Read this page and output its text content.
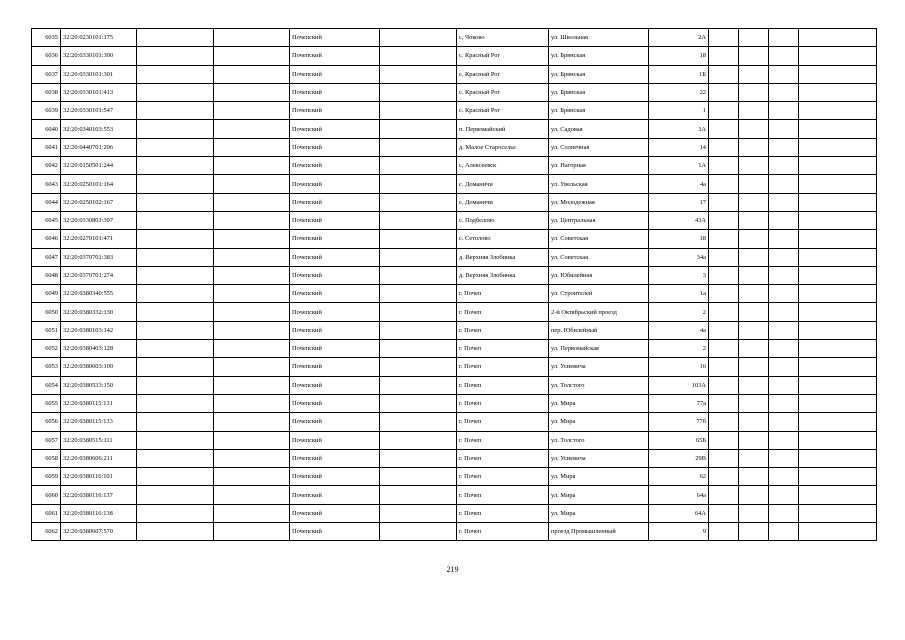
6035	32:20:0230101:175			Почепский		с. Чоково	ул. Школьная	2А				
6036	32:20:0330101:300			Почепский		с. Красный Рог	ул. Брянская	18				
6037	32:20:0330101:301			Почепский		с. Красный Рог	ул. Брянская	1Б				
6038	32:20:0330101:413			Почепский		с. Красный Рог	ул. Брянская	22				
6039	32:20:0330101:547			Почепский		с. Красный Рог	ул. Брянская	1				
6040	32:20:0340103:553			Почепский		п. Первомайский	ул. Садовая	3А				
6041	32:20:0440701:206			Почепский		д. Малое Старосельє	ул. Солнечная	14				
6042	32:20:0150501:244			Почепский		с. Алексеевск	ул. Нагорная	1А				
6043	32:20:0250101:164			Почепский		с. Доманичи	ул. Увельская	4а				
6044	32:20:0250102:167			Почепский		с. Доманичи	ул. Молодежная	17				
6045	32:20:0330801:397			Почепский		с. Подбелово	ул. Центральная	43А				
6046	32:20:0270101:471			Почепский		с. Сетолово	ул. Советская	18				
6047	32:20:0370701:383			Почепский		д. Верхняя Злобинка	ул. Советская	34а				
6048	32:20:0370701:274			Почепский		д. Верхняя Злобинка	ул. Юбилейная	3				
6049	32:20:0380340:555			Почепский		г. Почеп	ул. Строителей	1а				
6050	32:20:0380332:130			Почепский		г. Почеп	2-й Октябрьский проезд	2				
6051	32:20:0380103:142			Почепский		г. Почеп	пер. Юбилейный	4а				
6052	32:20:0380403:128			Почепский		г. Почеп	ул. Первомайская	2				
6053	32:20:0380603:100			Почепский		г. Почеп	ул. Усиевича	16				
6054	32:20:0380533:150			Почепский		г. Почеп	ул. Толстого	103А				
6055	32:20:0380115:131			Почепский		г. Почеп	ул. Мира	77а				
6056	32:20:0380115:133			Почепский		г. Почеп	ул. Мира	77б				
6057	32:20:0380515:111			Почепский		г. Почеп	ул. Толстого	65Б				
6058	32:20:0380606:211			Почепский		г. Почеп	ул. Усиевича	29В				
6059	32:20:0380116:101			Почепский		г. Почеп	ул. Мира	62				
6060	32:20:0380116:137			Почепский		г. Почеп	ул. Мира	64а				
6061	32:20:0380116:138			Почепский		г. Почеп	ул. Мира	64А				
6062	32:20:0380607:570			Почепский		г. Почеп	проезд Промышленный	9				
219
